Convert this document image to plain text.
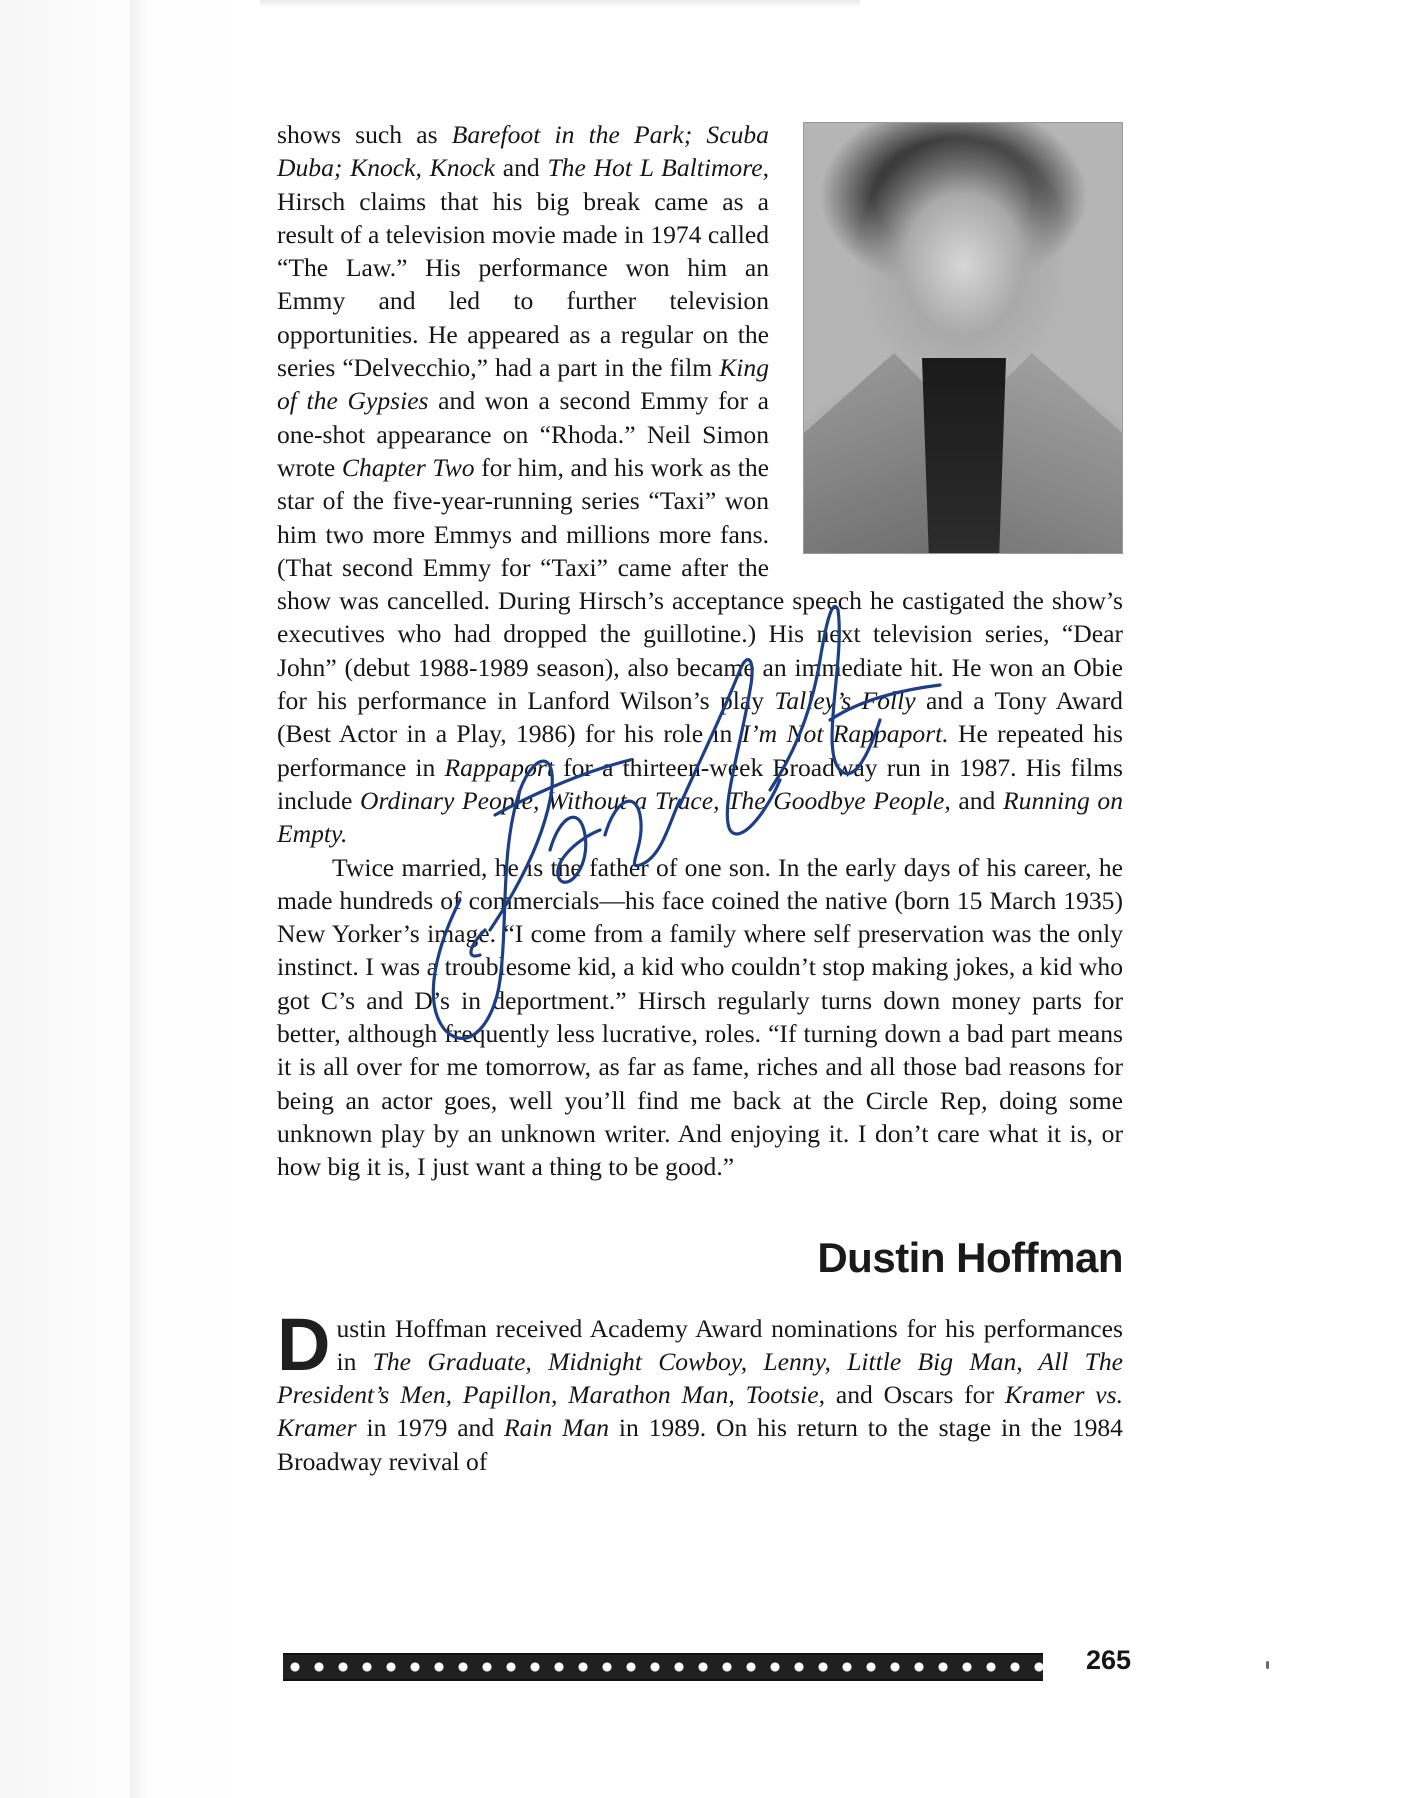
shows such as Barefoot in the Park; Scuba Duba; Knock, Knock and The Hot L Baltimore, Hirsch claims that his big break came as a result of a television movie made in 1974 called “The Law.” His performance won him an Emmy and led to further television opportunities. He appeared as a regular on the series “Delvecchio,” had a part in the film King of the Gypsies and won a second Emmy for a one-shot appearance on “Rhoda.” Neil Simon wrote Chapter Two for him, and his work as the star of the five-year-running series “Taxi” won him two more Emmys and millions more fans. (That second Emmy for “Taxi” came after the show was cancelled. During Hirsch’s acceptance speech he castigated the show’s executives who had dropped the guillotine.) His next television series, “Dear John” (debut 1988-1989 season), also became an immediate hit. He won an Obie for his performance in Lanford Wilson’s play Talley’s Folly and a Tony Award (Best Actor in a Play, 1986) for his role in I’m Not Rappaport. He repeated his performance in Rappaport for a thirteen-week Broadway run in 1987. His films include Ordinary People, Without a Trace, The Goodbye People, and Running on Empty.

Twice married, he is the father of one son. In the early days of his career, he made hundreds of commercials—his face coined the native (born 15 March 1935) New Yorker’s image. “I come from a family where self preservation was the only instinct. I was a troublesome kid, a kid who couldn’t stop making jokes, a kid who got C’s and D’s in deportment.” Hirsch regularly turns down money parts for better, although frequently less lucrative, roles. “If turning down a bad part means it is all over for me tomorrow, as far as fame, riches and all those bad reasons for being an actor goes, well you’ll find me back at the Circle Rep, doing some unknown play by an unknown writer. And enjoying it. I don’t care what it is, or how big it is, I just want a thing to be good.”

Dustin Hoffman

Dustin Hoffman received Academy Award nominations for his performances in The Graduate, Midnight Cowboy, Lenny, Little Big Man, All The President’s Men, Papillon, Marathon Man, Tootsie, and Oscars for Kramer vs. Kramer in 1979 and Rain Man in 1989. On his return to the stage in the 1984 Broadway revival of

265
